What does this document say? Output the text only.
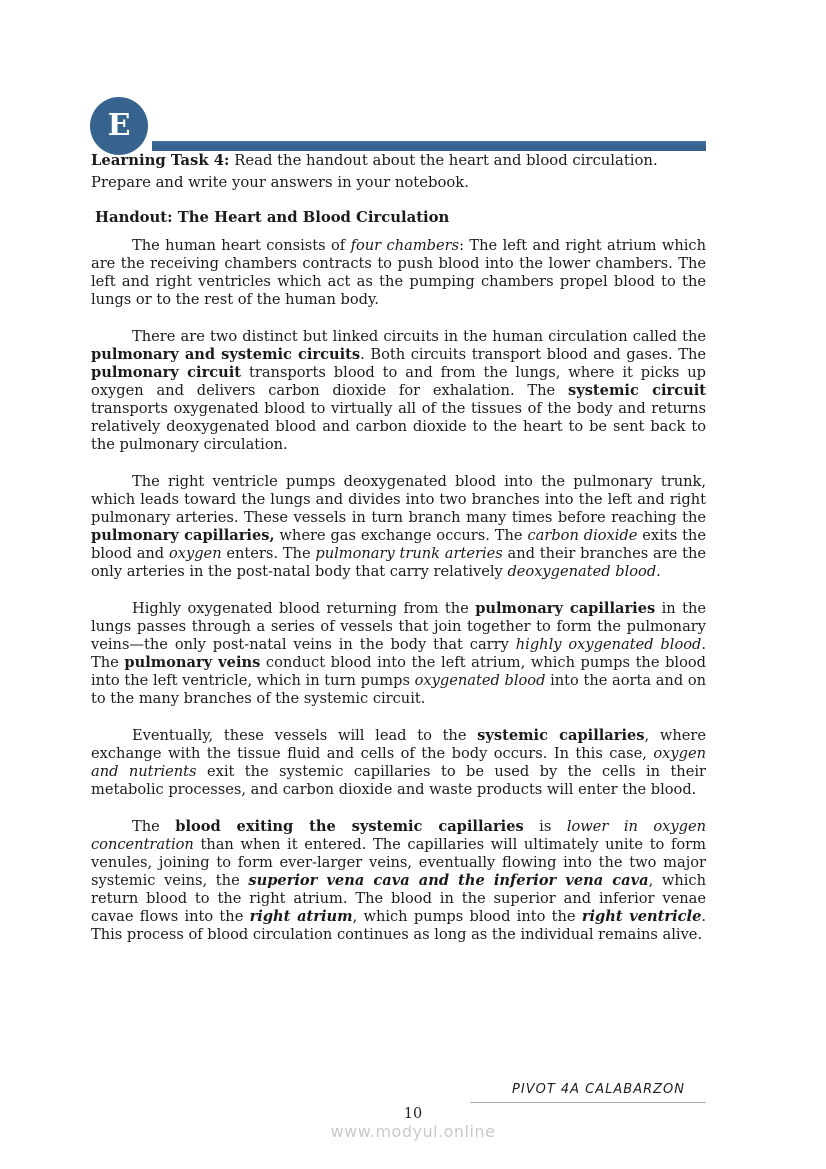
E

Learning Task 4: Read the handout about the heart and blood circulation. Prepare and write your answers in your notebook.

Handout: The Heart and Blood Circulation

The human heart consists of four chambers: The left and right atrium which are the receiving chambers contracts to push blood into the lower chambers. The left and right ventricles which act as the pumping chambers propel blood to the lungs or to the rest of the human body.

There are two distinct but linked circuits in the human circulation called the pulmonary and systemic circuits. Both circuits transport blood and gases. The pulmonary circuit transports blood to and from the lungs, where it picks up oxygen and delivers carbon dioxide for exhalation. The systemic circuit transports oxygenated blood to virtually all of the tissues of the body and returns relatively deoxygenated blood and carbon dioxide to the heart to be sent back to the pulmonary circulation.

The right ventricle pumps deoxygenated blood into the pulmonary trunk, which leads toward the lungs and divides into two branches into the left and right pulmonary arteries. These vessels in turn branch many times before reaching the pulmonary capillaries, where gas exchange occurs. The carbon dioxide exits the blood and oxygen enters. The pulmonary trunk arteries and their branches are the only arteries in the post-natal body that carry relatively deoxygenated blood.

Highly oxygenated blood returning from the pulmonary capillaries in the lungs passes through a series of vessels that join together to form the pulmonary veins—the only post-natal veins in the body that carry highly oxygenated blood. The pulmonary veins conduct blood into the left atrium, which pumps the blood into the left ventricle, which in turn pumps oxygenated blood into the aorta and on to the many branches of the systemic circuit.

Eventually, these vessels will lead to the systemic capillaries, where exchange with the tissue fluid and cells of the body occurs. In this case, oxygen and nutrients exit the systemic capillaries to be used by the cells in their metabolic processes, and carbon dioxide and waste products will enter the blood.

The blood exiting the systemic capillaries is lower in oxygen concentration than when it entered. The capillaries will ultimately unite to form venules, joining to form ever-larger veins, eventually flowing into the two major systemic veins, the superior vena cava and the inferior vena cava, which return blood to the right atrium. The blood in the superior and inferior venae cavae flows into the right atrium, which pumps blood into the right ventricle. This process of blood circulation continues as long as the individual remains alive.

PIVOT 4A CALABARZON
10
www.modyul.online
